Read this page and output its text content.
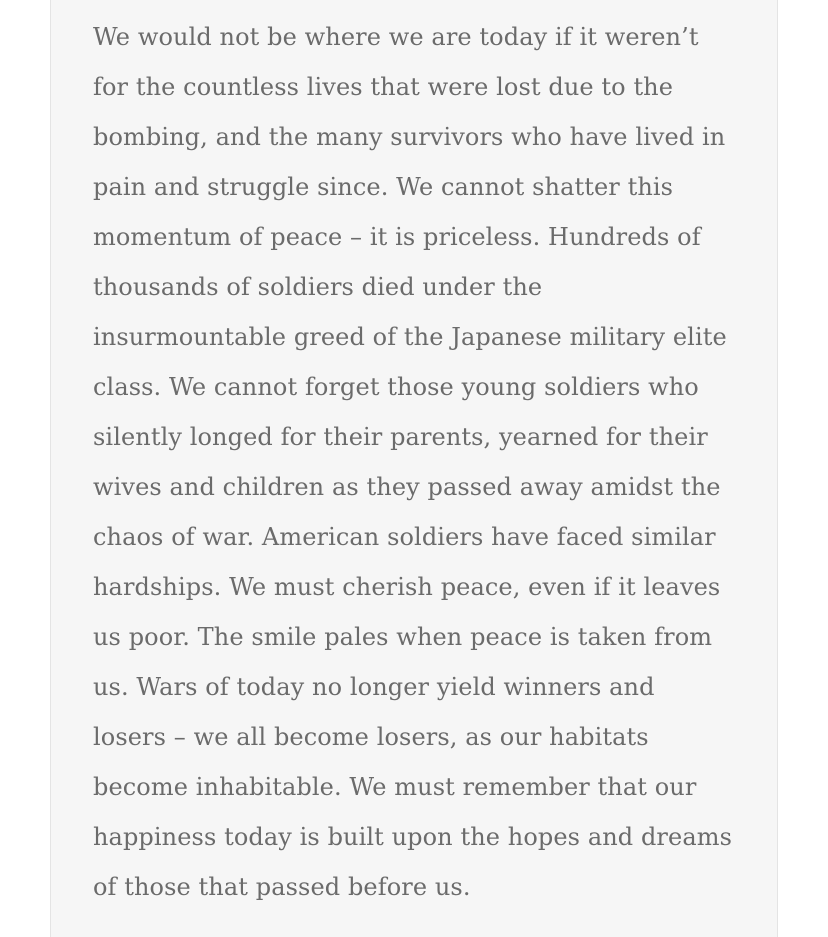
We would not be where we are today if it weren’t
for the countless lives that were lost due to the
bombing, and the many survivors who have lived in
pain and struggle since. We cannot shatter this
momentum of peace – it is priceless. Hundreds of
thousands of soldiers died under the
insurmountable greed of the Japanese military elite
class. We cannot forget those young soldiers who
silently longed for their parents, yearned for their
wives and children as they passed away amidst the
chaos of war. American soldiers have faced similar
hardships. We must cherish peace, even if it leaves
us poor. The smile pales when peace is taken from
us. Wars of today no longer yield winners and
losers – we all become losers, as our habitats
become inhabitable. We must remember that our
happiness today is built upon the hopes and dreams
of those that passed before us.
